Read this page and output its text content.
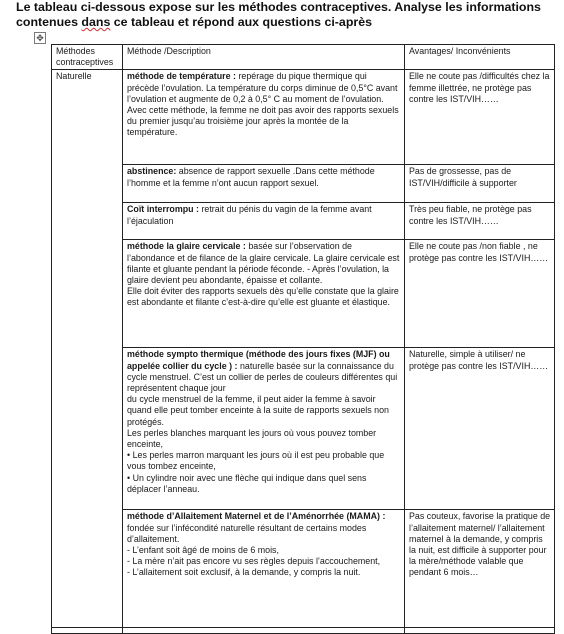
Le tableau ci-dessous expose sur les méthodes contraceptives. Analyse les informations
contenues dans ce tableau et répond aux questions ci-après
✥
Méthodes contraceptives	Méthode /Description	Avantages/ Inconvénients
Naturelle	méthode de température : repérage du pique thermique qui précède l’ovulation. La température du corps diminue de 0,5°C avant l’ovulation et augmente de 0,2 à 0,5° C au moment de l’ovulation.
Avec cette méthode, la femme ne doit pas avoir des rapports sexuels du premier jusqu’au troisième jour après la montée de la température.	Elle ne coute pas /difficultés chez la femme illettrée, ne protège pas contre les IST/VIH……
	abstinence: absence de rapport sexuelle .Dans cette méthode l’homme et la femme n’ont aucun rapport sexuel.	Pas de grossesse, pas de IST/VIH/difficile à supporter
	Coït interrompu : retrait du pénis du vagin de la femme avant l’éjaculation	Très peu fiable, ne protège pas contre les IST/VIH……
	méthode la glaire cervicale : basée sur l’observation de l’abondance et de filance de la glaire cervicale. La glaire cervicale est filante et gluante pendant la période féconde. - Après l’ovulation, la glaire devient peu abondante, épaisse et collante.
Elle doit éviter des rapports sexuels dès qu’elle constate que la glaire est abondante et filante c’est-à-dire qu’elle est gluante et élastique.	Elle ne coute pas /non fiable , ne protège pas contre les IST/VIH……
	méthode sympto thermique (méthode des jours fixes (MJF) ou appelée collier du cycle ) : naturelle basée sur la connaissance du cycle menstruel. C’est un collier de perles de couleurs différentes qui représentent chaque jour
du cycle menstruel de la femme, il peut aider la femme à savoir quand elle peut tomber enceinte à la suite de rapports sexuels non protégés.
Les perles blanches marquant les jours où vous pouvez tomber enceinte,
• Les perles marron marquant les jours où il est peu probable que vous tombez enceinte,
• Un cylindre noir avec une flèche qui indique dans quel sens déplacer l’anneau.	Naturelle, simple à utiliser/ ne protège pas contre les IST/VIH……
	méthode d’Allaitement Maternel et de l’Aménorrhée (MAMA) : fondée sur l’infécondité naturelle résultant de certains modes d’allaitement.
- L’enfant soit âgé de moins de 6 mois,
- La mère n’ait pas encore vu ses règles depuis l’accouchement,
- L’allaitement soit exclusif, à la demande, y compris la nuit.	Pas couteux, favorise la pratique de l’allaitement maternel/ l’allaitement maternel à la demande, y compris la nuit, est difficile à supporter pour la mère/méthode valable que pendant 6 mois…
